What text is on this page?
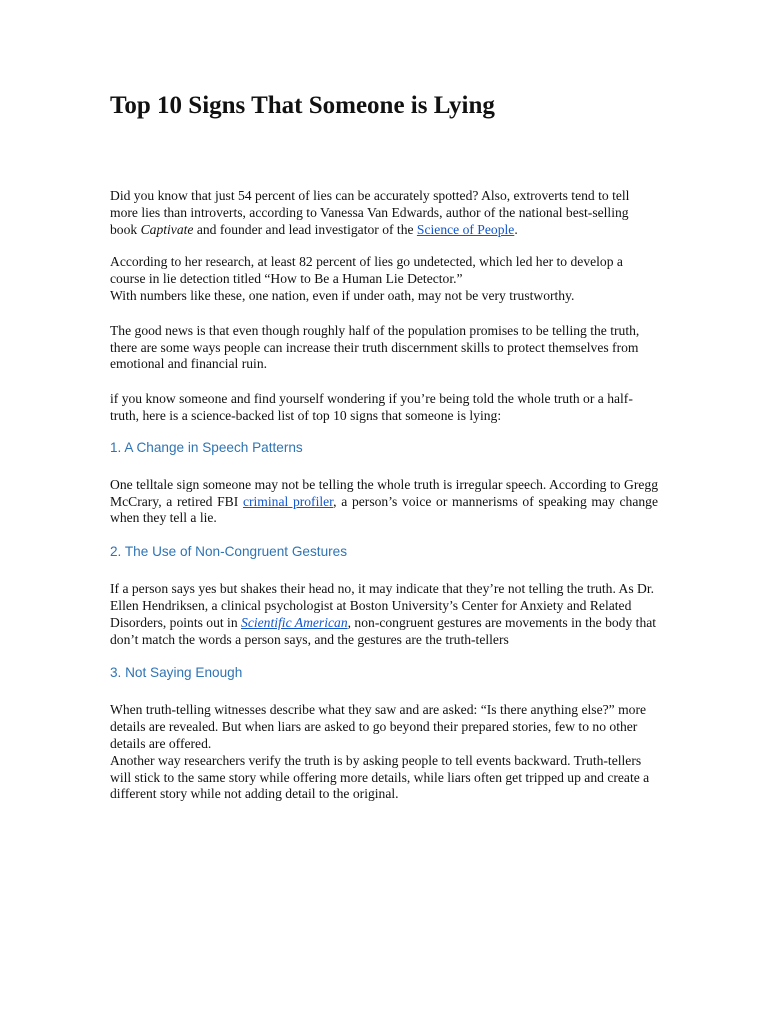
Top 10 Signs That Someone is Lying

Did you know that just 54 percent of lies can be accurately spotted? Also, extroverts tend to tell more lies than introverts, according to Vanessa Van Edwards, author of the national best-selling book Captivate and founder and lead investigator of the Science of People.

According to her research, at least 82 percent of lies go undetected, which led her to develop a course in lie detection titled “How to Be a Human Lie Detector.”
With numbers like these, one nation, even if under oath, may not be very trustworthy.

The good news is that even though roughly half of the population promises to be telling the truth, there are some ways people can increase their truth discernment skills to protect themselves from emotional and financial ruin.

if you know someone and find yourself wondering if you’re being told the whole truth or a half-truth, here is a science-backed list of top 10 signs that someone is lying:

1. A Change in Speech Patterns

One telltale sign someone may not be telling the whole truth is irregular speech. According to Gregg McCrary, a retired FBI criminal profiler, a person’s voice or mannerisms of speaking may change when they tell a lie.

2. The Use of Non-Congruent Gestures

If a person says yes but shakes their head no, it may indicate that they’re not telling the truth. As Dr. Ellen Hendriksen, a clinical psychologist at Boston University’s Center for Anxiety and Related Disorders, points out in Scientific American, non-congruent gestures are movements in the body that don’t match the words a person says, and the gestures are the truth-tellers

3. Not Saying Enough

When truth-telling witnesses describe what they saw and are asked: “Is there anything else?” more details are revealed. But when liars are asked to go beyond their prepared stories, few to no other details are offered.
Another way researchers verify the truth is by asking people to tell events backward. Truth-tellers will stick to the same story while offering more details, while liars often get tripped up and create a different story while not adding detail to the original.
